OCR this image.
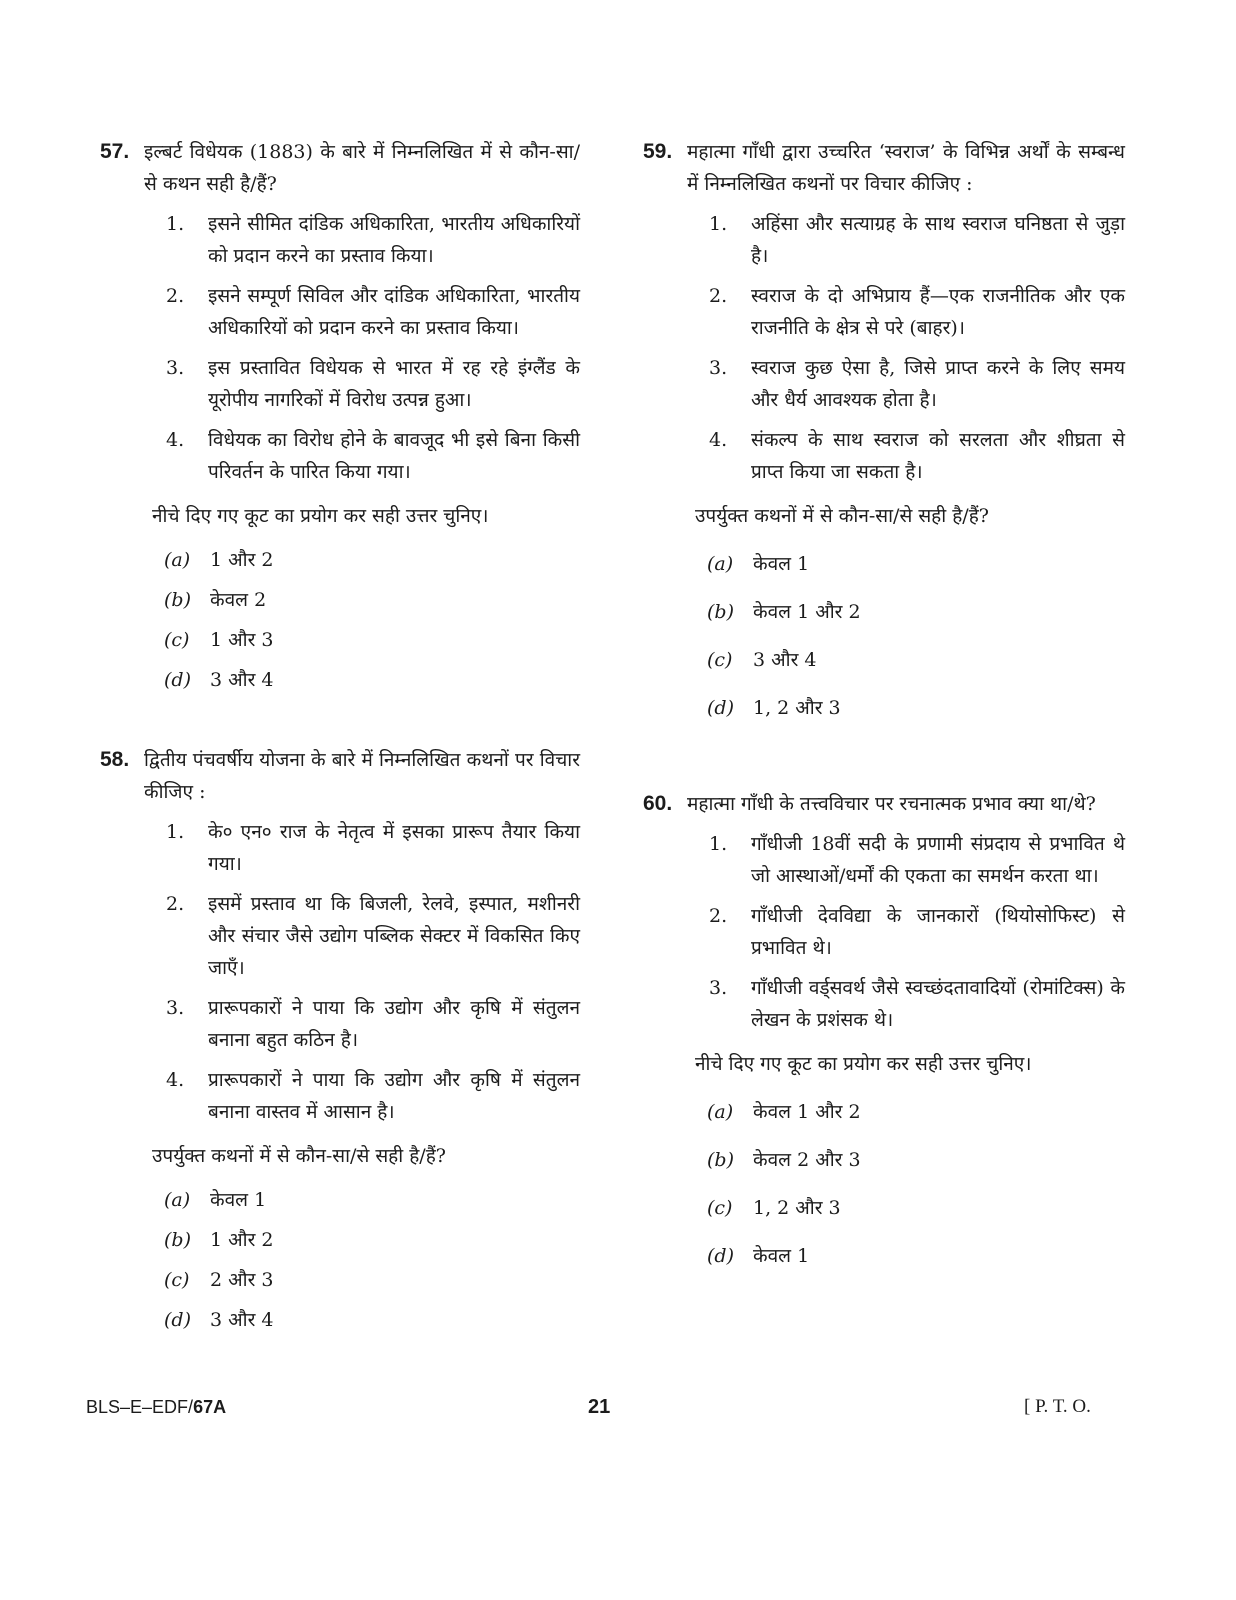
57. इल्बर्ट विधेयक (1883) के बारे में निम्नलिखित में से कौन-सा/से कथन सही है/हैं?
1. इसने सीमित दांडिक अधिकारिता, भारतीय अधिकारियों को प्रदान करने का प्रस्ताव किया।
2. इसने सम्पूर्ण सिविल और दांडिक अधिकारिता, भारतीय अधिकारियों को प्रदान करने का प्रस्ताव किया।
3. इस प्रस्तावित विधेयक से भारत में रह रहे इंग्लैंड के यूरोपीय नागरिकों में विरोध उत्पन्न हुआ।
4. विधेयक का विरोध होने के बावजूद भी इसे बिना किसी परिवर्तन के पारित किया गया।
नीचे दिए गए कूट का प्रयोग कर सही उत्तर चुनिए।
(a) 1 और 2
(b) केवल 2
(c) 1 और 3
(d) 3 और 4
58. द्वितीय पंचवर्षीय योजना के बारे में निम्नलिखित कथनों पर विचार कीजिए :
1. के० एन० राज के नेतृत्व में इसका प्रारूप तैयार किया गया।
2. इसमें प्रस्ताव था कि बिजली, रेलवे, इस्पात, मशीनरी और संचार जैसे उद्योग पब्लिक सेक्टर में विकसित किए जाएँ।
3. प्रारूपकारों ने पाया कि उद्योग और कृषि में संतुलन बनाना बहुत कठिन है।
4. प्रारूपकारों ने पाया कि उद्योग और कृषि में संतुलन बनाना वास्तव में आसान है।
उपर्युक्त कथनों में से कौन-सा/से सही है/हैं?
(a) केवल 1
(b) 1 और 2
(c) 2 और 3
(d) 3 और 4
59. महात्मा गाँधी द्वारा उच्चरित ‘स्वराज’ के विभिन्न अर्थों के सम्बन्ध में निम्नलिखित कथनों पर विचार कीजिए :
1. अहिंसा और सत्याग्रह के साथ स्वराज घनिष्ठता से जुड़ा है।
2. स्वराज के दो अभिप्राय हैं—एक राजनीतिक और एक राजनीति के क्षेत्र से परे (बाहर)।
3. स्वराज कुछ ऐसा है, जिसे प्राप्त करने के लिए समय और धैर्य आवश्यक होता है।
4. संकल्प के साथ स्वराज को सरलता और शीघ्रता से प्राप्त किया जा सकता है।
उपर्युक्त कथनों में से कौन-सा/से सही है/हैं?
(a) केवल 1
(b) केवल 1 और 2
(c) 3 और 4
(d) 1, 2 और 3
60. महात्मा गाँधी के तत्त्वविचार पर रचनात्मक प्रभाव क्या था/थे?
1. गाँधीजी 18वीं सदी के प्रणामी संप्रदाय से प्रभावित थे जो आस्थाओं/धर्मों की एकता का समर्थन करता था।
2. गाँधीजी देवविद्या के जानकारों (थियोसोफिस्ट) से प्रभावित थे।
3. गाँधीजी वर्ड्सवर्थ जैसे स्वच्छंदतावादियों (रोमांटिक्स) के लेखन के प्रशंसक थे।
नीचे दिए गए कूट का प्रयोग कर सही उत्तर चुनिए।
(a) केवल 1 और 2
(b) केवल 2 और 3
(c) 1, 2 और 3
(d) केवल 1
BLS–E–EDF/67A	21	[ P. T. O.
